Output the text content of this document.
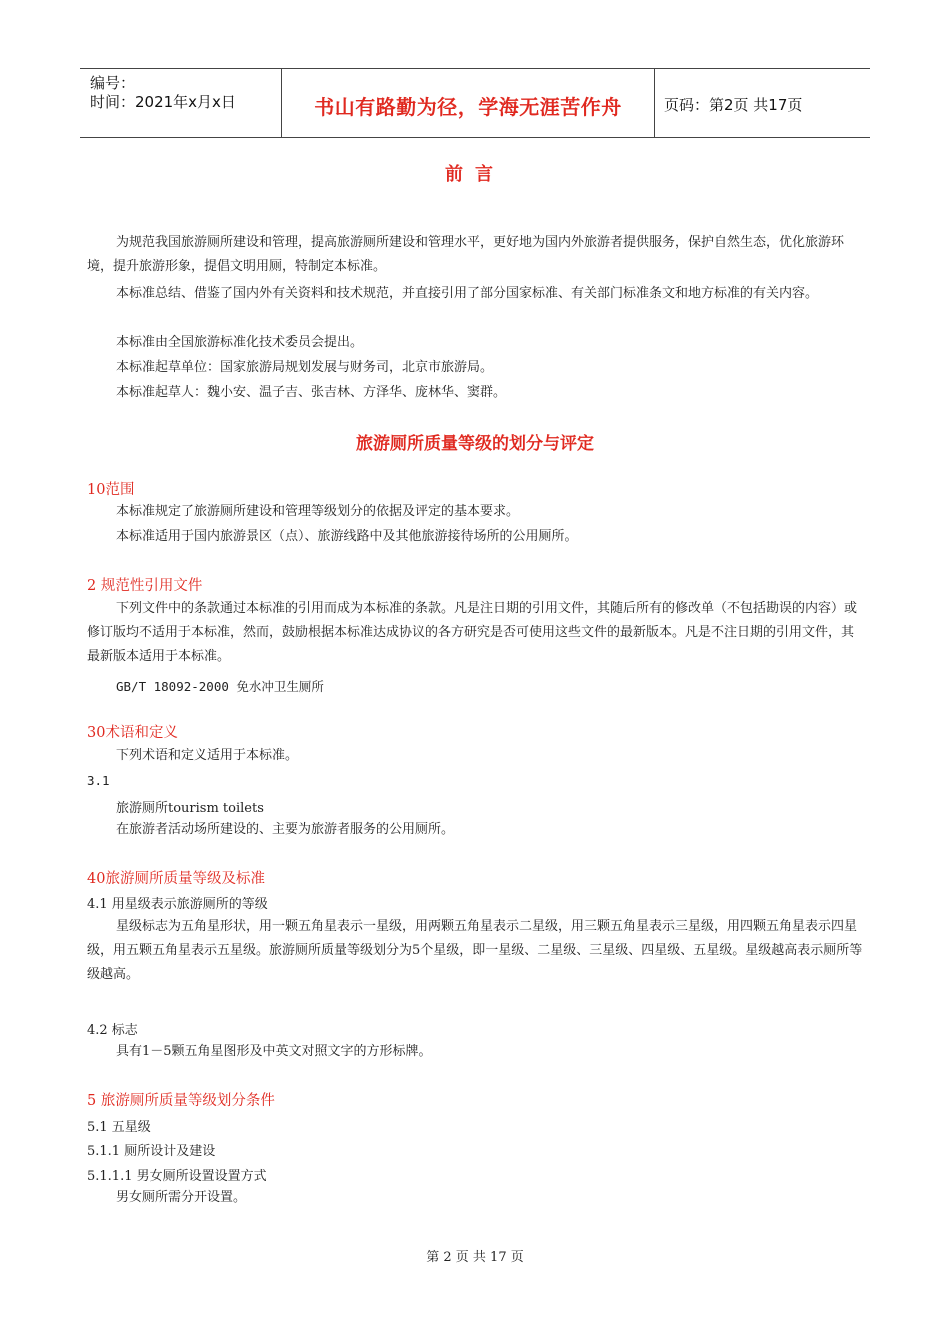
编号：
时间：2021年x月x日	书山有路勤为径，学海无涯苦作舟	页码：第2页 共17页
前言
为规范我国旅游厕所建设和管理，提高旅游厕所建设和管理水平，更好地为国内外旅游者提供服务，保护自然生态，优化旅游环境，提升旅游形象，提倡文明用厕，特制定本标准。
本标准总结、借鉴了国内外有关资料和技术规范，并直接引用了部分国家标准、有关部门标准条文和地方标准的有关内容。
本标准由全国旅游标准化技术委员会提出。
本标准起草单位：国家旅游局规划发展与财务司，北京市旅游局。
本标准起草人：魏小安、温子吉、张吉林、方泽华、庞林华、窦群。
旅游厕所质量等级的划分与评定
10范围
本标准规定了旅游厕所建设和管理等级划分的依据及评定的基本要求。
本标准适用于国内旅游景区（点）、旅游线路中及其他旅游接待场所的公用厕所。
2 规范性引用文件
下列文件中的条款通过本标准的引用而成为本标准的条款。凡是注日期的引用文件，其随后所有的修改单（不包括勘误的内容）或修订版均不适用于本标准，然而，鼓励根据本标准达成协议的各方研究是否可使用这些文件的最新版本。凡是不注日期的引用文件，其最新版本适用于本标准。
GB/T 18092-2000 免水冲卫生厕所
30术语和定义
下列术语和定义适用于本标准。
3.1
旅游厕所tourism toilets
在旅游者活动场所建设的、主要为旅游者服务的公用厕所。
40旅游厕所质量等级及标准
4.1 用星级表示旅游厕所的等级
星级标志为五角星形状，用一颗五角星表示一星级，用两颗五角星表示二星级，用三颗五角星表示三星级，用四颗五角星表示四星级，用五颗五角星表示五星级。旅游厕所质量等级划分为5个星级，即一星级、二星级、三星级、四星级、五星级。星级越高表示厕所等级越高。
4.2 标志
具有1－5颗五角星图形及中英文对照文字的方形标牌。
5 旅游厕所质量等级划分条件
5.1 五星级
5.1.1 厕所设计及建设
5.1.1.1 男女厕所设置设置方式
男女厕所需分开设置。
第 2 页 共 17 页
